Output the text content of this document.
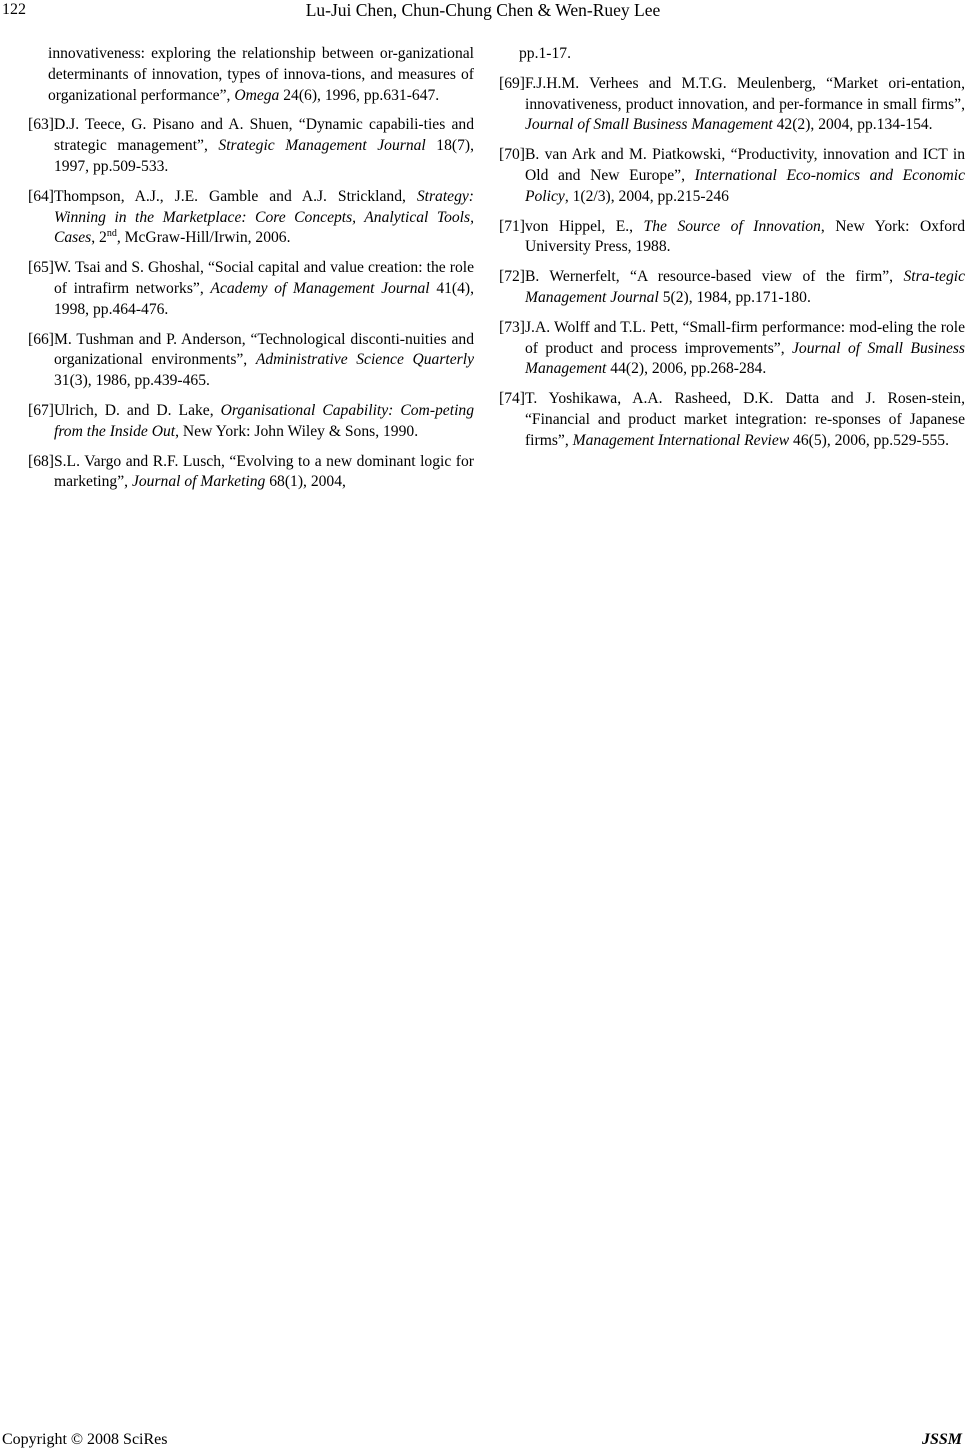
122	Lu-Jui Chen, Chun-Chung Chen & Wen-Ruey Lee
innovativeness: exploring the relationship between or-ganizational determinants of innovation, types of innova-tions, and measures of organizational performance”, Omega 24(6), 1996, pp.631-647.
[63] D.J. Teece, G. Pisano and A. Shuen, “Dynamic capabili-ties and strategic management”, Strategic Management Journal 18(7), 1997, pp.509-533.
[64] Thompson, A.J., J.E. Gamble and A.J. Strickland, Strategy: Winning in the Marketplace: Core Concepts, Analytical Tools, Cases, 2nd, McGraw-Hill/Irwin, 2006.
[65] W. Tsai and S. Ghoshal, “Social capital and value creation: the role of intrafirm networks”, Academy of Management Journal 41(4), 1998, pp.464-476.
[66] M. Tushman and P. Anderson, “Technological disconti-nuities and organizational environments”, Administrative Science Quarterly 31(3), 1986, pp.439-465.
[67] Ulrich, D. and D. Lake, Organisational Capability: Com-peting from the Inside Out, New York: John Wiley & Sons, 1990.
[68] S.L. Vargo and R.F. Lusch, “Evolving to a new dominant logic for marketing”, Journal of Marketing 68(1), 2004,
pp.1-17.
[69] F.J.H.M. Verhees and M.T.G. Meulenberg, “Market ori-entation, innovativeness, product innovation, and per-formance in small firms”, Journal of Small Business Management 42(2), 2004, pp.134-154.
[70] B. van Ark and M. Piatkowski, “Productivity, innovation and ICT in Old and New Europe”, International Eco-nomics and Economic Policy, 1(2/3), 2004, pp.215-246
[71] von Hippel, E., The Source of Innovation, New York: Oxford University Press, 1988.
[72] B. Wernerfelt, “A resource-based view of the firm”, Stra-tegic Management Journal 5(2), 1984, pp.171-180.
[73] J.A. Wolff and T.L. Pett, “Small-firm performance: mod-eling the role of product and process improvements”, Journal of Small Business Management 44(2), 2006, pp.268-284.
[74] T. Yoshikawa, A.A. Rasheed, D.K. Datta and J. Rosen-stein, “Financial and product market integration: re-sponses of Japanese firms”, Management International Review 46(5), 2006, pp.529-555.
Copyright © 2008 SciRes	JSSM
